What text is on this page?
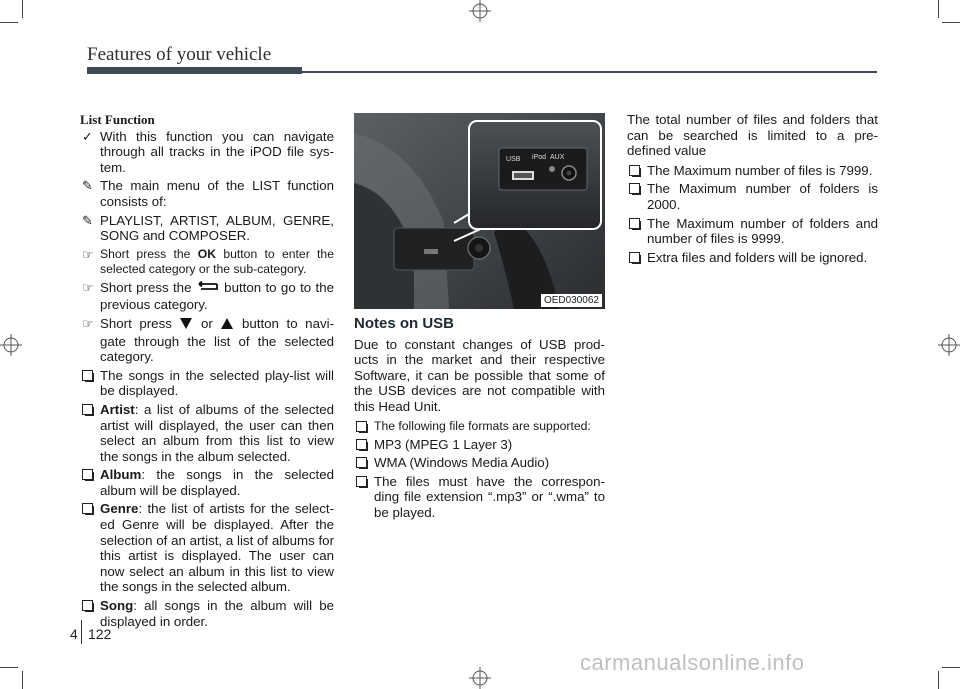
Features of your vehicle
List Function
✓ With this function you can navigate through all tracks in the iPOD file sys- tem.
✎ The main menu of the LIST function consists of:
✎ PLAYLIST, ARTIST, ALBUM, GENRE, SONG and COMPOSER.
☞ Short press the OK button to enter the selected category or the sub-category.
☞ Short press the  button to go to the previous category.
☞ Short press  or  button to navi- gate through the list of the selected category.
The songs in the selected play-list will be displayed.
Artist: a list of albums of the selected artist will displayed, the user can then select an album from this list to view the songs in the album selected.
Album: the songs in the selected album will be displayed.
Genre: the list of artists for the select- ed Genre will be displayed. After the selection of an artist, a list of albums for this artist is displayed. The user can now select an album in this list to view the songs in the selected album.
Song: all songs in the album will be displayed in order.
USB iPod AUX
OED030062
Notes on USB
Due to constant changes of USB prod- ucts in the market and their respective Software, it can be possible that some of the USB devices are not compatible with this Head Unit.
The following file formats are supported:
MP3 (MPEG 1 Layer 3)
WMA (Windows Media Audio)
The files must have the correspon- ding file extension “.mp3” or “.wma” to be played.
The total number of files and folders that can be searched is limited to a pre- defined value
The Maximum number of files is 7999.
The Maximum number of folders is 2000.
The Maximum number of folders and number of files is 9999.
Extra files and folders will be ignored.
4 122
carmanualsonline.info
